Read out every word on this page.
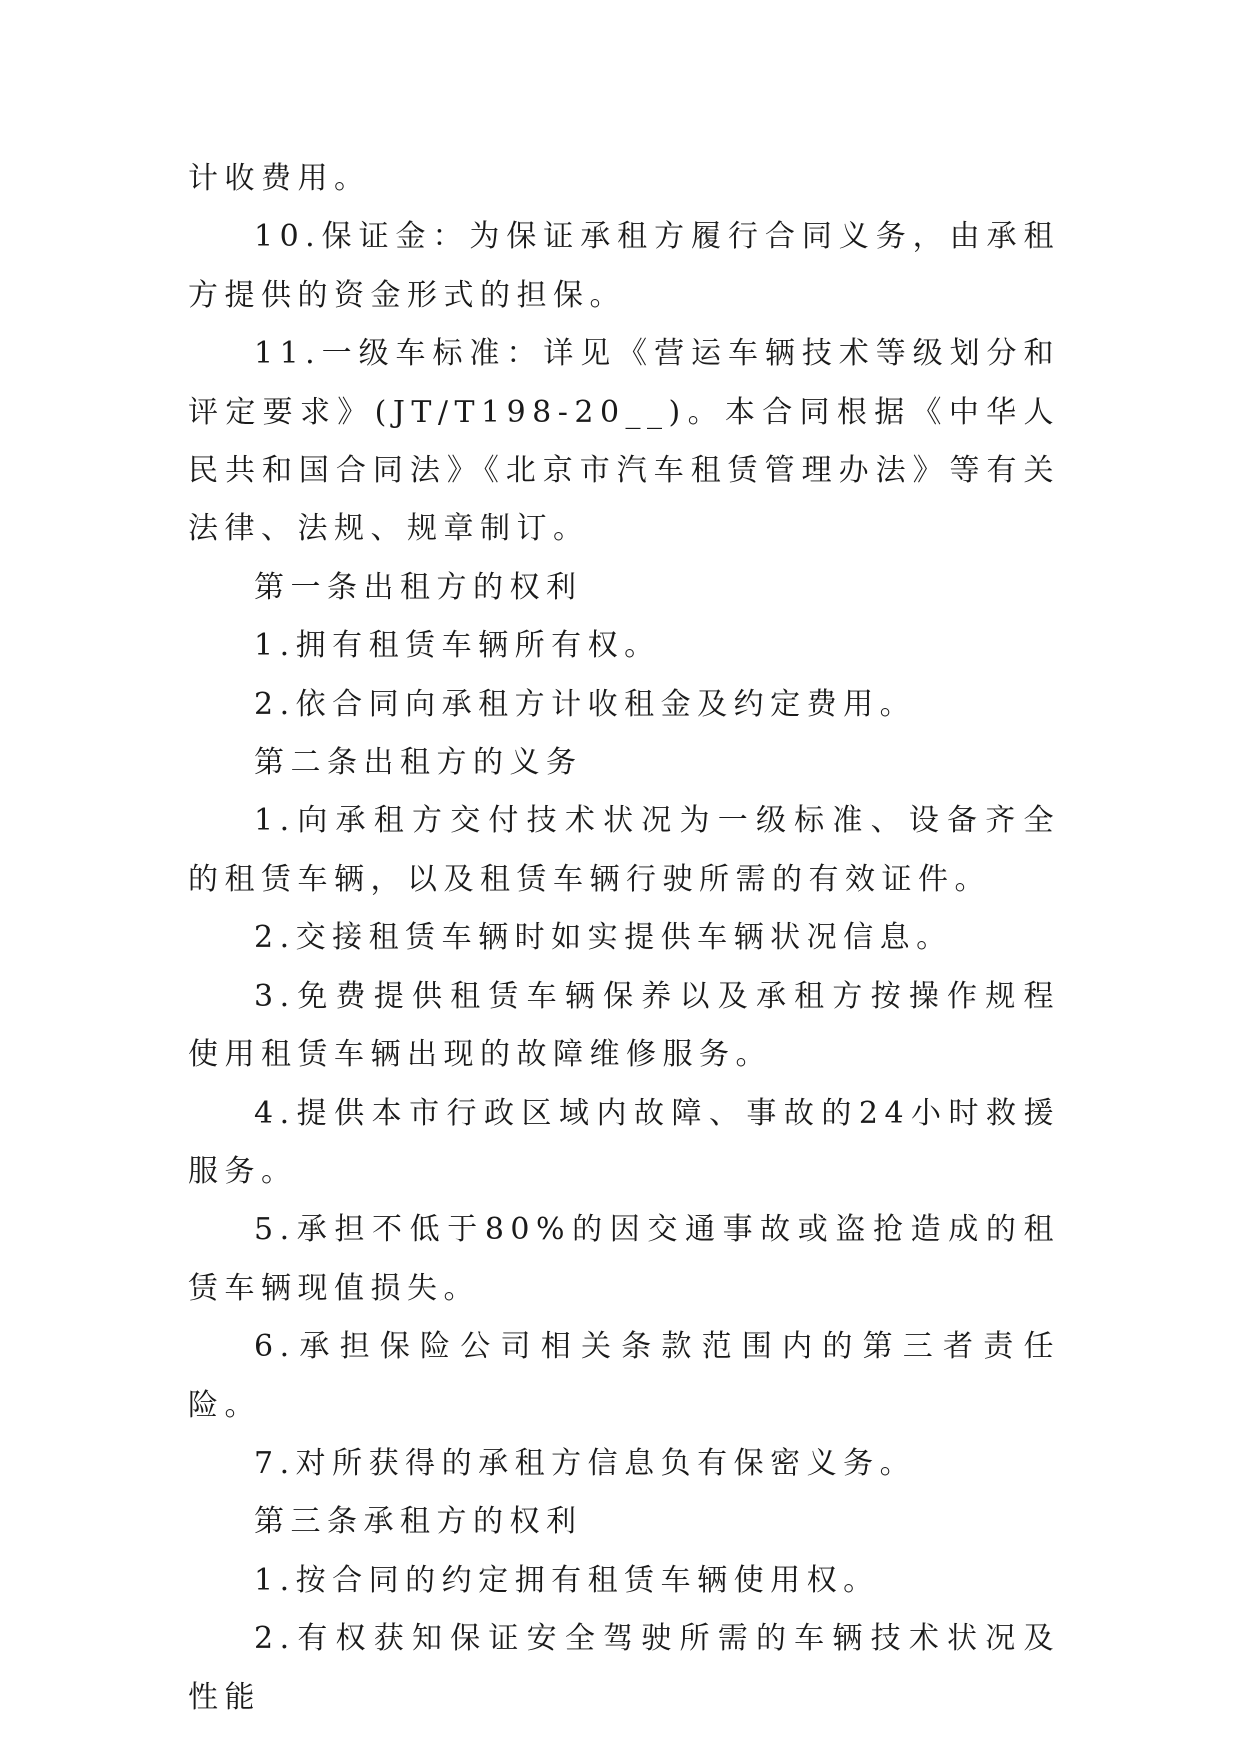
计收费用。

10.保证金：为保证承租方履行合同义务，由承租方提供的资金形式的担保。

11.一级车标准：详见《营运车辆技术等级划分和评定要求》(JT/T198-20__)。本合同根据《中华人民共和国合同法》《北京市汽车租赁管理办法》等有关法律、法规、规章制订。

第一条出租方的权利

1.拥有租赁车辆所有权。

2.依合同向承租方计收租金及约定费用。

第二条出租方的义务

1.向承租方交付技术状况为一级标准、设备齐全的租赁车辆，以及租赁车辆行驶所需的有效证件。

2.交接租赁车辆时如实提供车辆状况信息。

3.免费提供租赁车辆保养以及承租方按操作规程使用租赁车辆出现的故障维修服务。

4.提供本市行政区域内故障、事故的24小时救援服务。

5.承担不低于80%的因交通事故或盗抢造成的租赁车辆现值损失。

6.承担保险公司相关条款范围内的第三者责任险。

7.对所获得的承租方信息负有保密义务。

第三条承租方的权利

1.按合同的约定拥有租赁车辆使用权。

2.有权获知保证安全驾驶所需的车辆技术状况及性能
